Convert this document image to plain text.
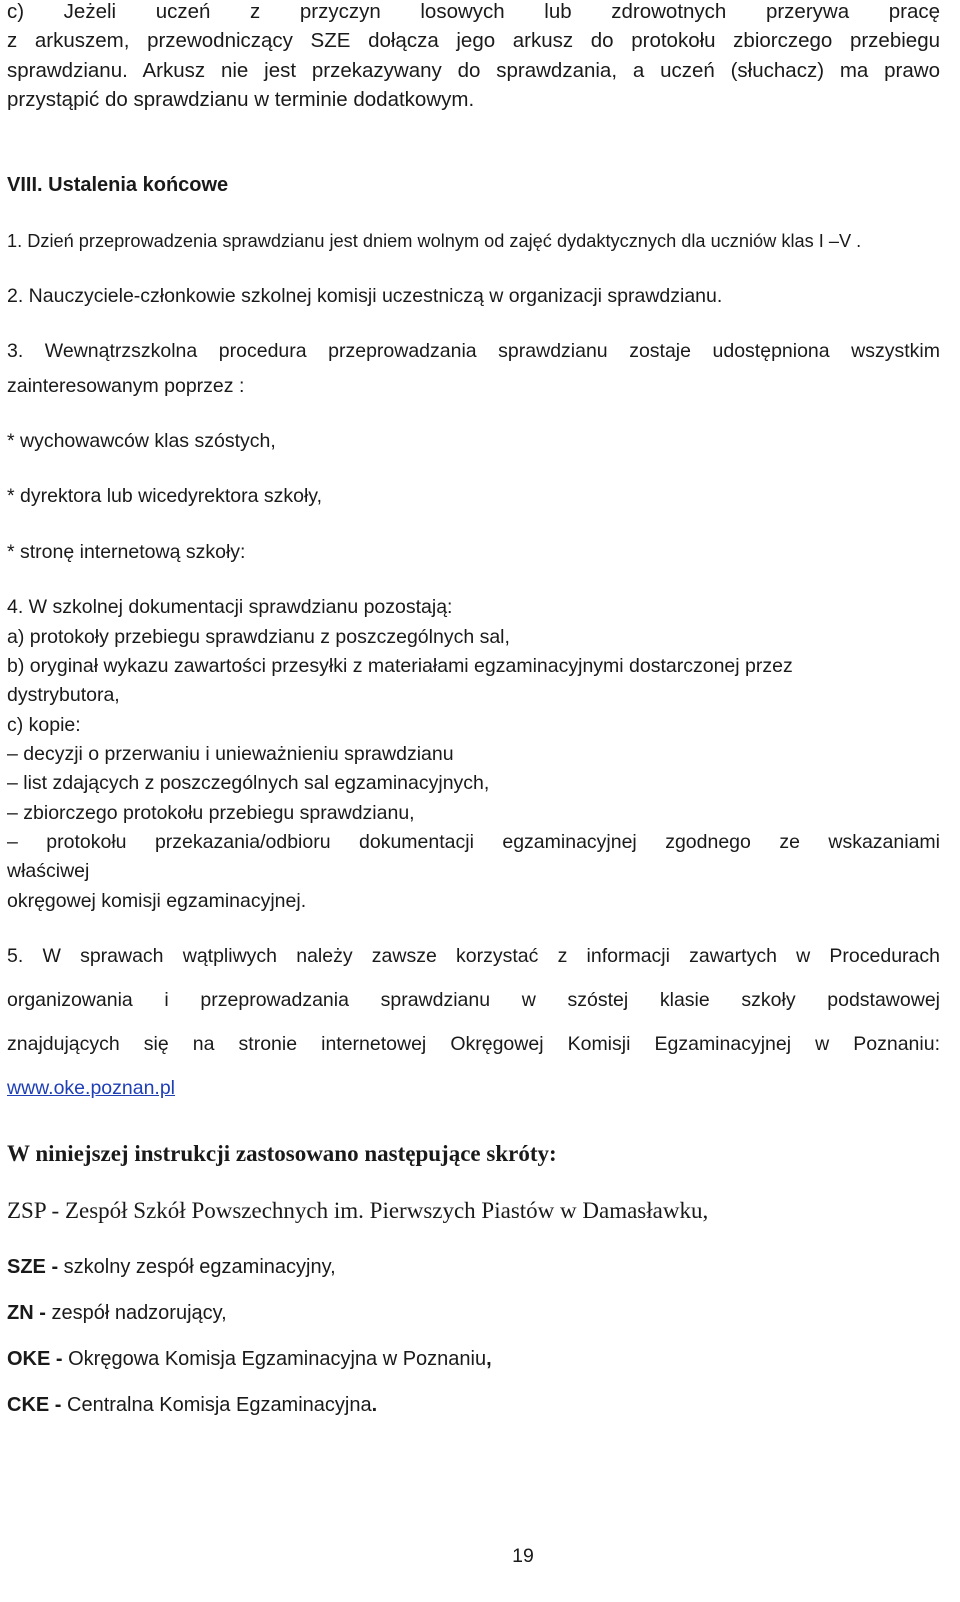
c) Jeżeli uczeń z przyczyn losowych lub zdrowotnych przerywa pracę
z arkuszem, przewodniczący SZE dołącza jego arkusz do protokołu zbiorczego przebiegu
sprawdzianu. Arkusz nie jest przekazywany do sprawdzania, a uczeń (słuchacz) ma prawo
przystąpić do sprawdzianu w terminie dodatkowym.
VIII. Ustalenia końcowe
1. Dzień przeprowadzenia sprawdzianu jest dniem wolnym od zajęć dydaktycznych dla uczniów klas I –V .
2. Nauczyciele-członkowie szkolnej komisji uczestniczą w organizacji sprawdzianu.
3. Wewnątrzszkolna procedura przeprowadzania sprawdzianu zostaje udostępniona wszystkim
zainteresowanym poprzez :
* wychowawców klas szóstych,
* dyrektora lub wicedyrektora szkoły,
* stronę internetową szkoły:
4. W szkolnej dokumentacji sprawdzianu pozostają:
a) protokoły przebiegu sprawdzianu z poszczególnych sal,
b) oryginał wykazu zawartości przesyłki z materiałami egzaminacyjnymi dostarczonej przez
dystrybutora,
c) kopie:
– decyzji o przerwaniu i unieważnieniu sprawdzianu
– list zdających z poszczególnych sal egzaminacyjnych,
– zbiorczego protokołu przebiegu sprawdzianu,
– protokołu przekazania/odbioru dokumentacji egzaminacyjnej zgodnego ze wskazaniami
właściwej
okręgowej komisji egzaminacyjnej.
5. W sprawach wątpliwych należy zawsze korzystać z informacji zawartych w Procedurach
organizowania i przeprowadzania sprawdzianu w szóstej klasie szkoły podstawowej
znajdujących się na stronie internetowej Okręgowej Komisji Egzaminacyjnej w Poznaniu:
www.oke.poznan.pl
W niniejszej instrukcji zastosowano następujące skróty:
ZSP - Zespół Szkół Powszechnych im. Pierwszych Piastów w Damasławku,
SZE - szkolny zespół egzaminacyjny,
ZN - zespół nadzorujący,
OKE - Okręgowa Komisja Egzaminacyjna w Poznaniu,
CKE - Centralna Komisja Egzaminacyjna.
19
